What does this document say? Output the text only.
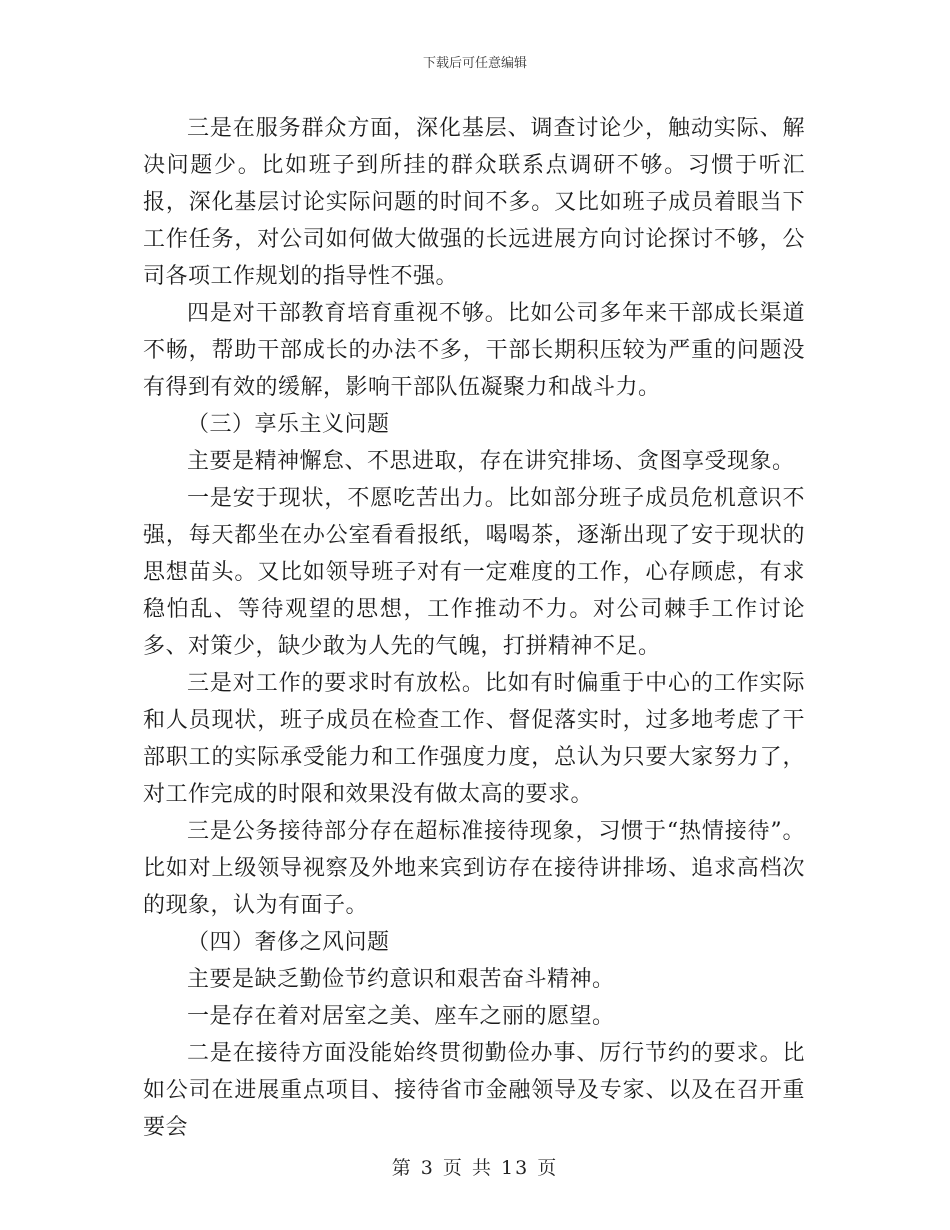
下载后可任意编辑

三是在服务群众方面，深化基层、调查讨论少，触动实际、解决问题少。比如班子到所挂的群众联系点调研不够。习惯于听汇报，深化基层讨论实际问题的时间不多。又比如班子成员着眼当下工作任务，对公司如何做大做强的长远进展方向讨论探讨不够，公司各项工作规划的指导性不强。

四是对干部教育培育重视不够。比如公司多年来干部成长渠道不畅，帮助干部成长的办法不多，干部长期积压较为严重的问题没有得到有效的缓解，影响干部队伍凝聚力和战斗力。

（三）享乐主义问题

主要是精神懈怠、不思进取，存在讲究排场、贪图享受现象。

一是安于现状，不愿吃苦出力。比如部分班子成员危机意识不强，每天都坐在办公室看看报纸，喝喝茶，逐渐出现了安于现状的思想苗头。又比如领导班子对有一定难度的工作，心存顾虑，有求稳怕乱、等待观望的思想，工作推动不力。对公司棘手工作讨论多、对策少，缺少敢为人先的气魄，打拼精神不足。

三是对工作的要求时有放松。比如有时偏重于中心的工作实际和人员现状，班子成员在检查工作、督促落实时，过多地考虑了干部职工的实际承受能力和工作强度力度，总认为只要大家努力了，对工作完成的时限和效果没有做太高的要求。

三是公务接待部分存在超标准接待现象，习惯于“热情接待”。比如对上级领导视察及外地来宾到访存在接待讲排场、追求高档次的现象，认为有面子。

（四）奢侈之风问题

主要是缺乏勤俭节约意识和艰苦奋斗精神。

一是存在着对居室之美、座车之丽的愿望。

二是在接待方面没能始终贯彻勤俭办事、厉行节约的要求。比如公司在进展重点项目、接待省市金融领导及专家、以及在召开重要会

第 3 页 共 13 页
